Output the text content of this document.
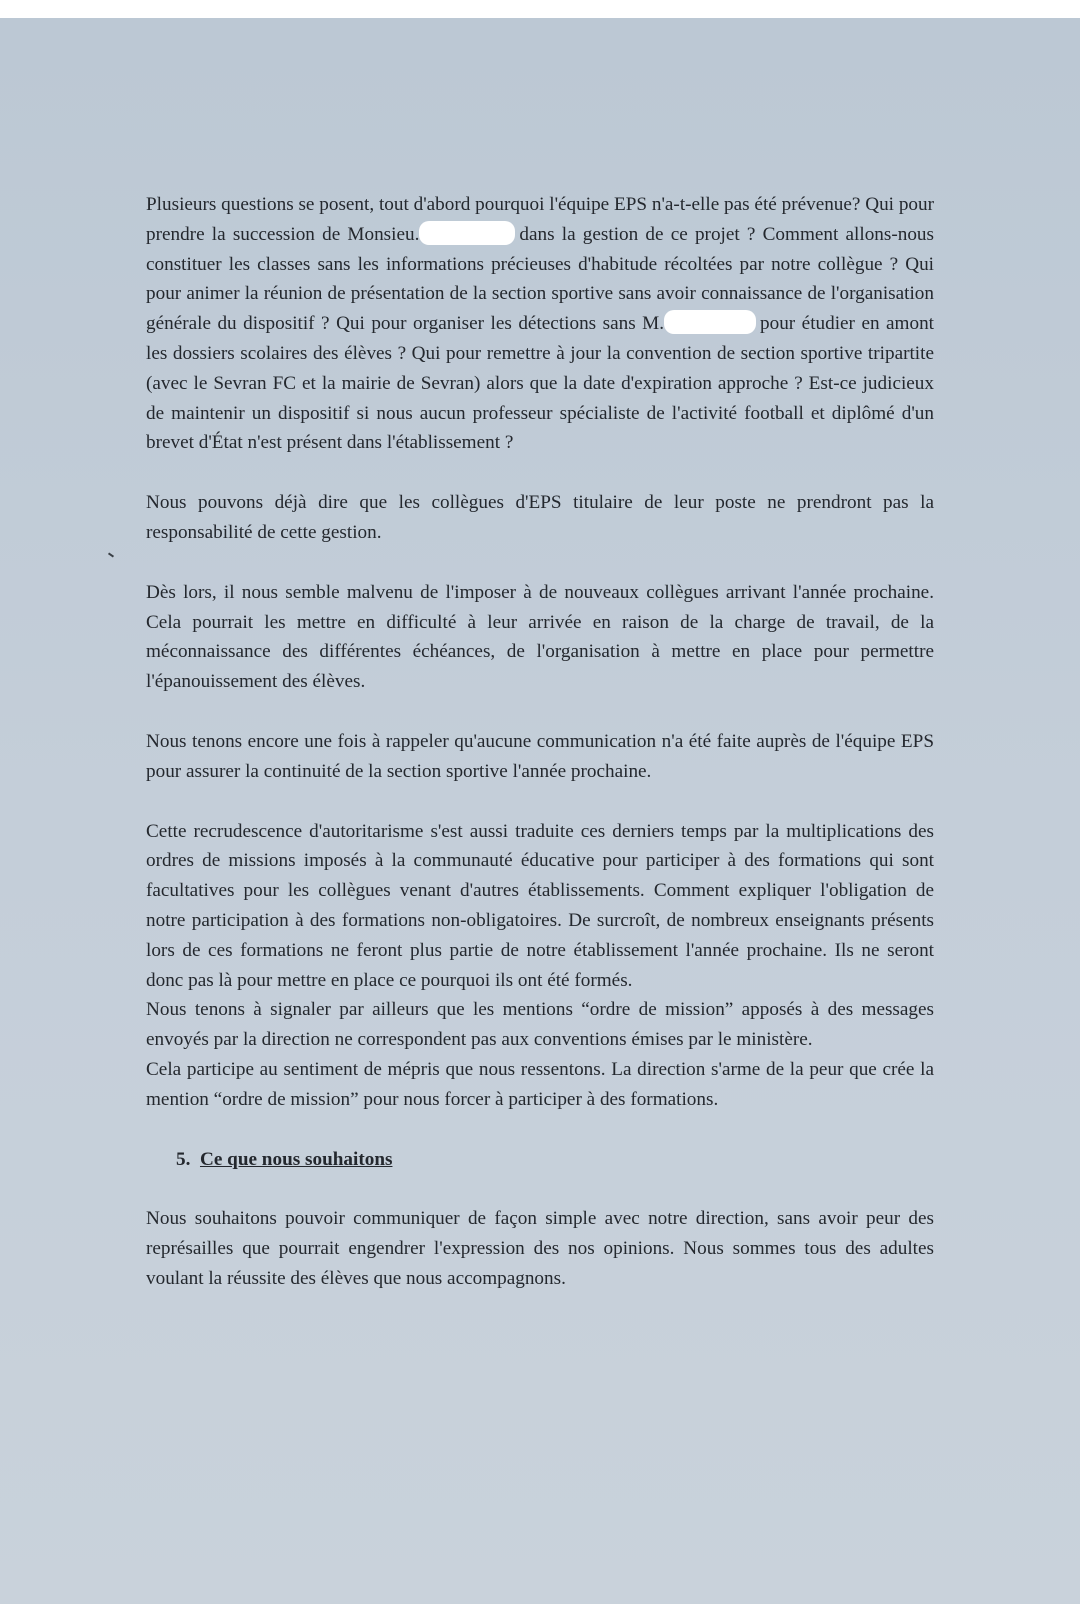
Plusieurs questions se posent, tout d'abord pourquoi l'équipe EPS n'a-t-elle pas été prévenue? Qui pour prendre la succession de Monsieu.	dans la gestion de ce projet ? Comment allons-nous constituer les classes sans les informations précieuses d'habitude récoltées par notre collègue ? Qui pour animer la réunion de présentation de la section sportive sans avoir connaissance de l'organisation générale du dispositif ? Qui pour organiser les détections sans M.	pour étudier en amont les dossiers scolaires des élèves ? Qui pour remettre à jour la convention de section sportive tripartite (avec le Sevran FC et la mairie de Sevran) alors que la date d'expiration approche ? Est-ce judicieux de maintenir un dispositif si nous aucun professeur spécialiste de l'activité football et diplômé d'un brevet d'État n'est présent dans l'établissement ?

Nous pouvons déjà dire que les collègues d'EPS titulaire de leur poste ne prendront pas la responsabilité de cette gestion.

Dès lors, il nous semble malvenu de l'imposer à de nouveaux collègues arrivant l'année prochaine. Cela pourrait les mettre en difficulté à leur arrivée en raison de la charge de travail, de la méconnaissance des différentes échéances, de l'organisation à mettre en place pour permettre l'épanouissement des élèves.

Nous tenons encore une fois à rappeler qu'aucune communication n'a été faite auprès de l'équipe EPS pour assurer la continuité de la section sportive l'année prochaine.

Cette recrudescence d'autoritarisme s'est aussi traduite ces derniers temps par la multiplications des ordres de missions imposés à la communauté éducative pour participer à des formations qui sont facultatives pour les collègues venant d'autres établissements. Comment expliquer l'obligation de notre participation à des formations non-obligatoires. De surcroît, de nombreux enseignants présents lors de ces formations ne feront plus partie de notre établissement l'année prochaine. Ils ne seront donc pas là pour mettre en place ce pourquoi ils ont été formés.

Nous tenons à signaler par ailleurs que les mentions “ordre de mission” apposés à des messages envoyés par la direction ne correspondent pas aux conventions émises par le ministère.

Cela participe au sentiment de mépris que nous ressentons. La direction s'arme de la peur que crée la mention “ordre de mission” pour nous forcer à participer à des formations.

5. Ce que nous souhaitons

Nous souhaitons pouvoir communiquer de façon simple avec notre direction, sans avoir peur des représailles que pourrait engendrer l'expression des nos opinions. Nous sommes tous des adultes voulant la réussite des élèves que nous accompagnons.
